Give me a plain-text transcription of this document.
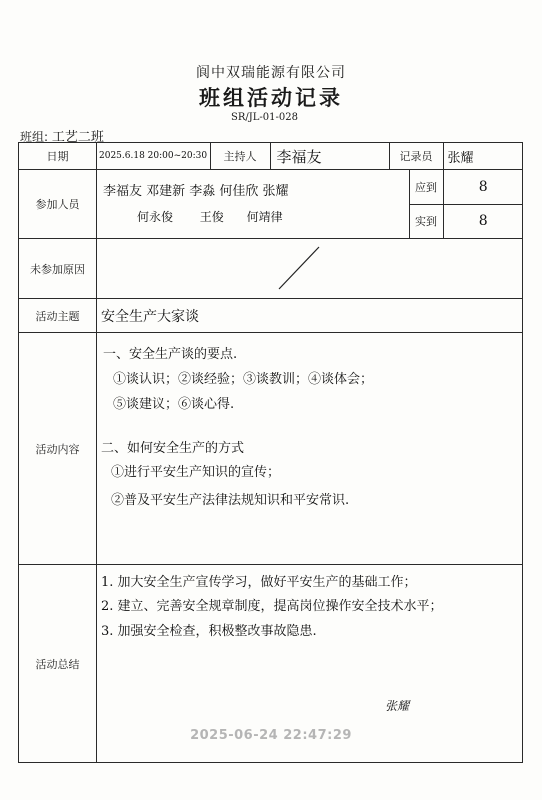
阆中双瑞能源有限公司
班组活动记录
SR/JL-01-028
班组: 工艺二班
日期		2025.6.18 20:00~20:30	主持人	李福友	记录员	张耀

参加人员	
李福友 邓建新 李淼 何佳欣 张耀
何永俊       王俊      何靖律
	应到	8
实到	8

未参加原因	

活动主题	安全生产大家谈
活动内容	
一、安全生产谈的要点.
①谈认识；②谈经验；③谈教训；④谈体会；
⑤谈建议；⑥谈心得.
二、如何安全生产的方式
①进行平安生产知识的宣传；
②普及平安生产法律法规知识和平安常识.

活动总结	
1. 加大安全生产宣传学习，做好平安生产的基础工作；
2. 建立、完善安全规章制度，提高岗位操作安全技术水平；
3. 加强安全检查，积极整改事故隐患.
张耀
2025-06-24 22:47:29
